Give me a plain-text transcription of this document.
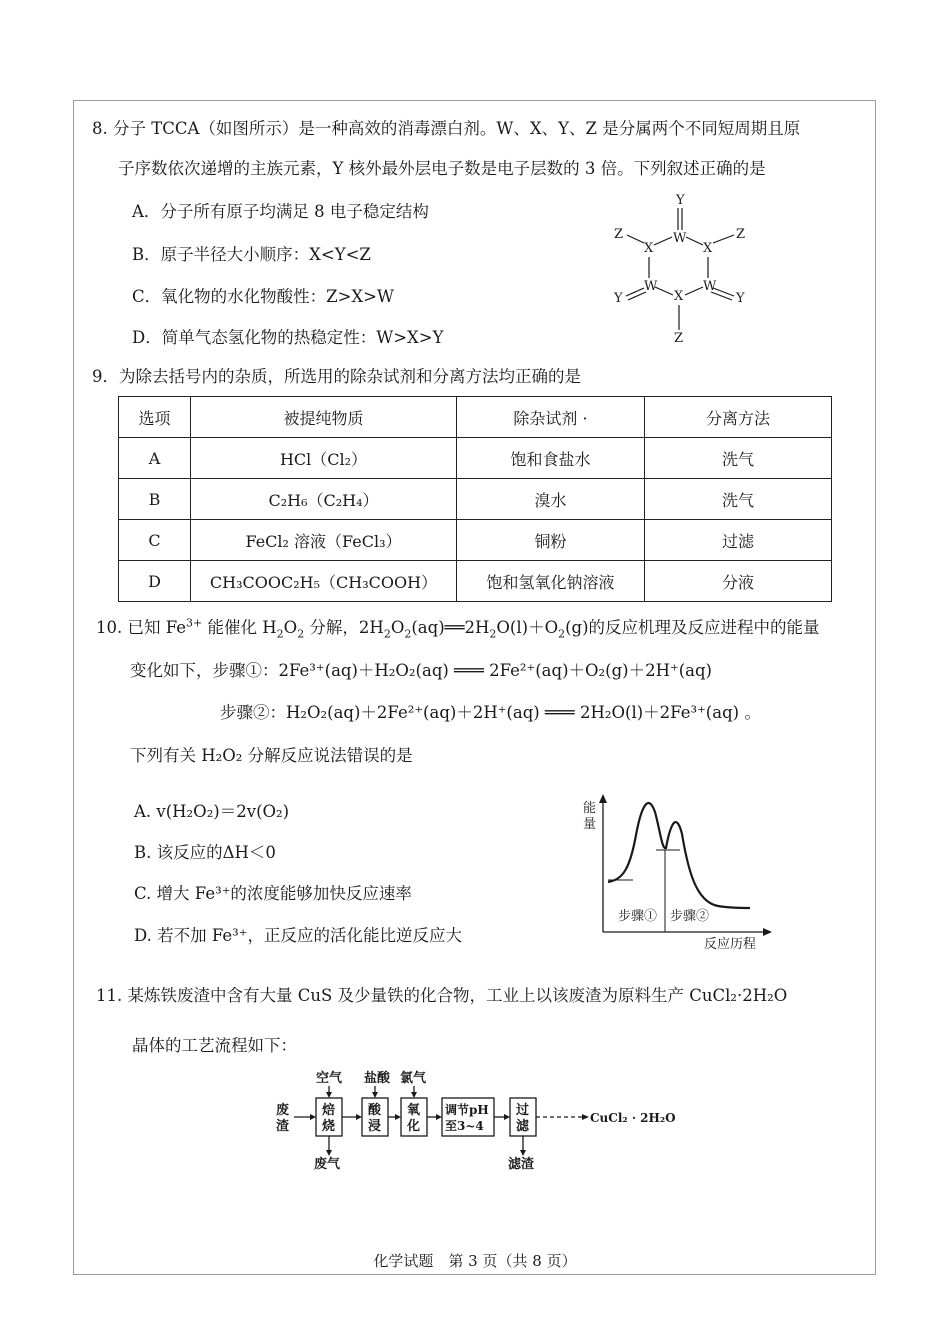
8. 分子 TCCA（如图所示）是一种高效的消毒漂白剂。W、X、Y、Z 是分属两个不同短周期且原
子序数依次递增的主族元素，Y 核外最外层电子数是电子层数的 3 倍。下列叙述正确的是
A．分子所有原子均满足 8 电子稳定结构
B．原子半径大小顺序：X<Y<Z
C．氧化物的水化物酸性：Z>X>W
D．简单气态氢化物的热稳定性：W>X>Y
Y
W
Z
X	X
Z
Y
W
X
W
Y
Z
9．为除去括号内的杂质，所选用的除杂试剂和分离方法均正确的是
选项	被提纯物质	除杂试剂 ·	分离方法
A	HCl（Cl₂）	饱和食盐水	洗气
B	C₂H₆（C₂H₄）	溴水	洗气
C	FeCl₂ 溶液（FeCl₃）	铜粉	过滤
D	CH₃COOC₂H₅（CH₃COOH）	饱和氢氧化钠溶液	分液
10. 已知 $Fe^{3+}$ 能催化 $H_2O_2$ 分解，$2H_2O_2(aq)══2H_2O(l)+O_2(g)$的反应机理及反应进程中的能量
变化如下，步骤①：2Fe³⁺(aq)＋H₂O₂(aq) ═══ 2Fe²⁺(aq)＋O₂(g)＋2H⁺(aq)
步骤②：H₂O₂(aq)＋2Fe²⁺(aq)＋2H⁺(aq) ═══ 2H₂O(l)＋2Fe³⁺(aq) 。
下列有关 H₂O₂ 分解反应说法错误的是
A. v(H₂O₂)＝2v(O₂)
B. 该反应的ΔH＜0
C. 增大 Fe³⁺的浓度能够加快反应速率
D. 若不加 Fe³⁺，正反应的活化能比逆反应大
能
量
反应历程
步骤① 步骤②
11. 某炼铁废渣中含有大量 CuS 及少量铁的化合物，工业上以该废渣为原料生产 CuCl₂·2H₂O
晶体的工艺流程如下：
废
渣
空气 盐酸 氯气
焙
烧
酸
浸
氧
化
调节pH
至3~4
过
滤
废气	滤渣
CuCl₂ · 2H₂O
化学试题　第 3 页（共 8 页）
